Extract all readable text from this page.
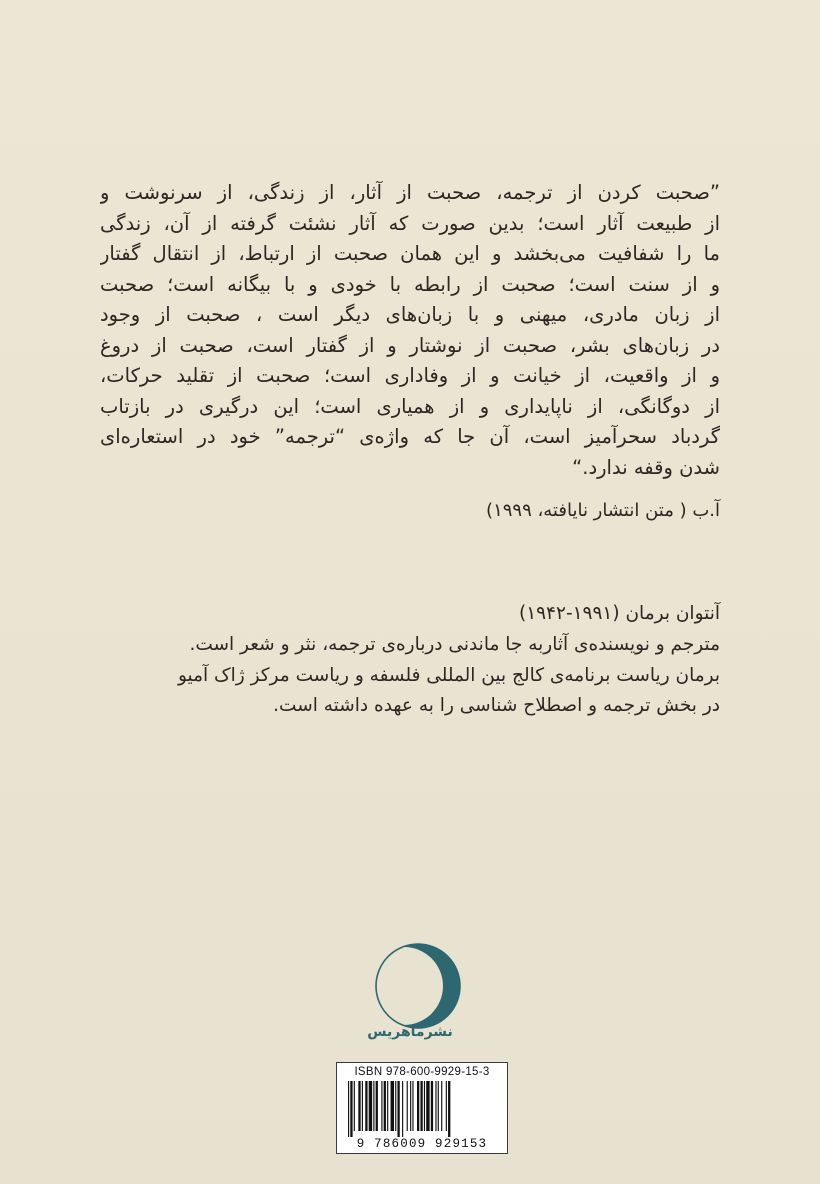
”صحبت کردن از ترجمه، صحبت از آثار، از زندگی، از سرنوشت و
از طبیعت آثار است؛ بدین صورت که آثار نشئت گرفته از آن، زندگی
ما را شفافیت می‌بخشد و این همان صحبت از ارتباط، از انتقال گفتار
و از سنت است؛ صحبت از رابطه با خودی و با بیگانه است؛ صحبت
از زبان مادری، میهنی و با زبان‌های دیگر است ، صحبت از وجود
در زبان‌های بشر، صحبت از نوشتار و از گفتار است، صحبت از دروغ
و از واقعیت، از خیانت و از وفاداری است؛ صحبت از تقلید حرکات،
از دوگانگی، از ناپایداری و از همیاری است؛ این درگیری در بازتاب
گردباد سحرآمیز است، آن جا که واژه‌ی “ترجمه” خود در استعاره‌ای
شدن وقفه ندارد.“
آ.ب ( متن انتشار نایافته، ۱۹۹۹)
آنتوان برمان (۱۹۹۱-۱۹۴۲)
مترجم و نویسنده‌ی آثاربه جا ماندنی درباره‌ی ترجمه، نثر و شعر است.
برمان ریاست برنامه‌ی کالج بین المللی فلسفه و ریاست مرکز ژاک آمیو
در بخش ترجمه و اصطلاح شناسی را به عهده داشته است.
نشرماهریس
ISBN 978-600-9929-15-3
9 786009 929153
